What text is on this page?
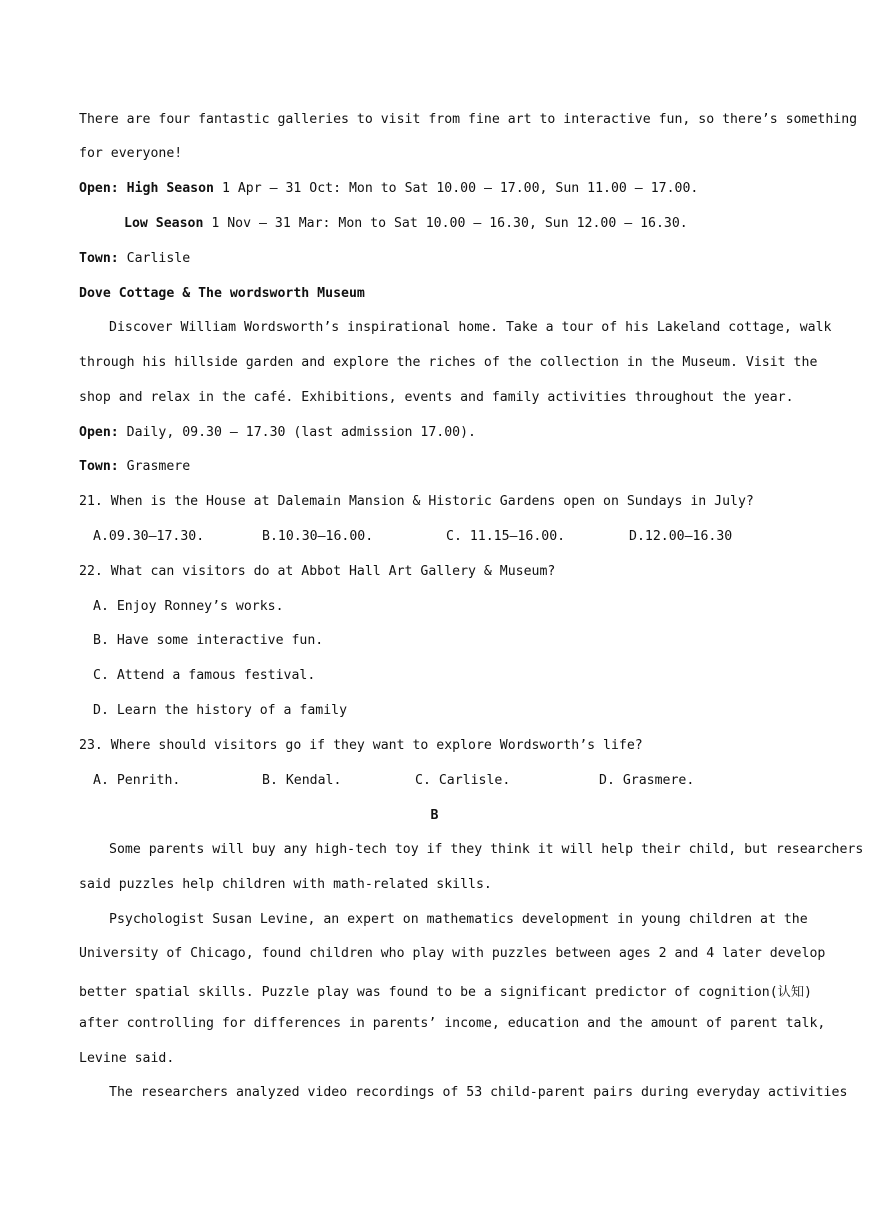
There are four fantastic galleries to visit from fine art to interactive fun, so there’s something
for everyone!
Open: High Season 1 Apr – 31 Oct: Mon to Sat 10.00 – 17.00, Sun 11.00 – 17.00.
Low Season 1 Nov – 31 Mar: Mon to Sat 10.00 – 16.30, Sun 12.00 – 16.30.
Town: Carlisle
Dove Cottage & The wordsworth Museum
Discover William Wordsworth’s inspirational home. Take a tour of his Lakeland cottage, walk
through his hillside garden and explore the riches of the collection in the Museum. Visit the
shop and relax in the café. Exhibitions, events and family activities throughout the year.
Open: Daily, 09.30 – 17.30 (last admission 17.00).
Town: Grasmere
21. When is the House at Dalemain Mansion & Historic Gardens open on Sundays in July?
A.09.30—17.30.	B.10.30—16.00.	C. 11.15—16.00.	D.12.00—16.30
22. What can visitors do at Abbot Hall Art Gallery & Museum?
A. Enjoy Ronney’s works.
B. Have some interactive fun.
C. Attend a famous festival.
D. Learn the history of a family
23. Where should visitors go if they want to explore Wordsworth’s life?
A. Penrith.	B. Kendal.	C. Carlisle.	D. Grasmere.
B
Some parents will buy any high-tech toy if they think it will help their child, but researchers
said puzzles help children with math-related skills.
Psychologist Susan Levine, an expert on mathematics development in young children at the
University of Chicago, found children who play with puzzles between ages 2 and 4 later develop
better spatial skills. Puzzle play was found to be a significant predictor of cognition(认知)
after controlling for differences in parents’ income, education and the amount of parent talk,
Levine said.
The researchers analyzed video recordings of 53 child-parent pairs during everyday activities
